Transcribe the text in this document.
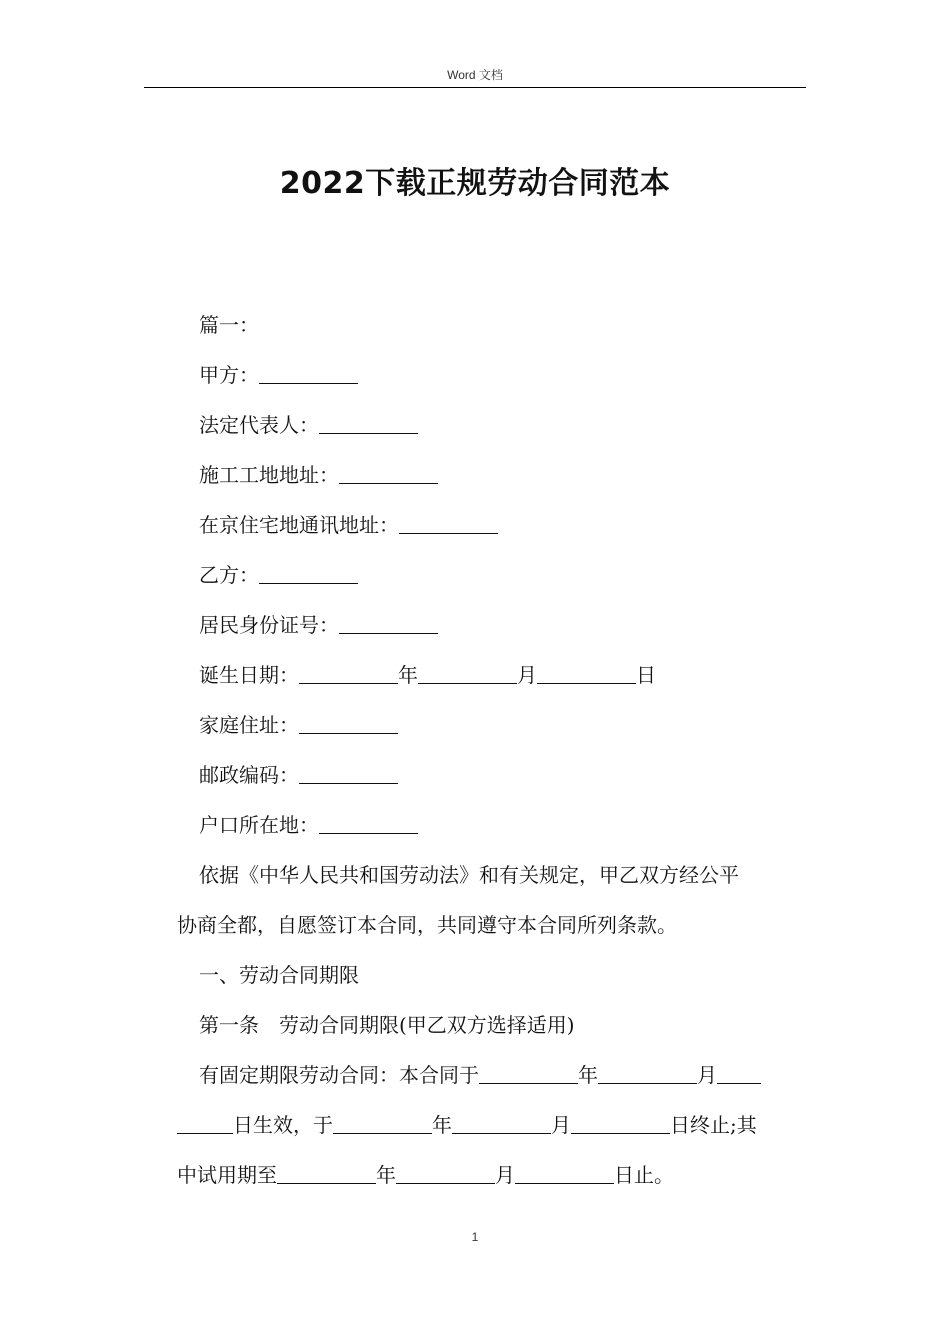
Word 文档
2022下载正规劳动合同范本

篇一：

甲方：

法定代表人：

施工工地地址：

在京住宅地通讯地址：

乙方：

居民身份证号：

诞生日期：	年	月	日

家庭住址：

邮政编码：

户口所在地：

依据《中华人民共和国劳动法》和有关规定，甲乙双方经公平

协商全都，自愿签订本合同，共同遵守本合同所列条款。

一、劳动合同期限

第一条　劳动合同期限(甲乙双方选择适用)

有固定期限劳动合同：本合同于	年	月

日生效，于	年	月	日终止;其

中试用期至	年	月	日止。

1
